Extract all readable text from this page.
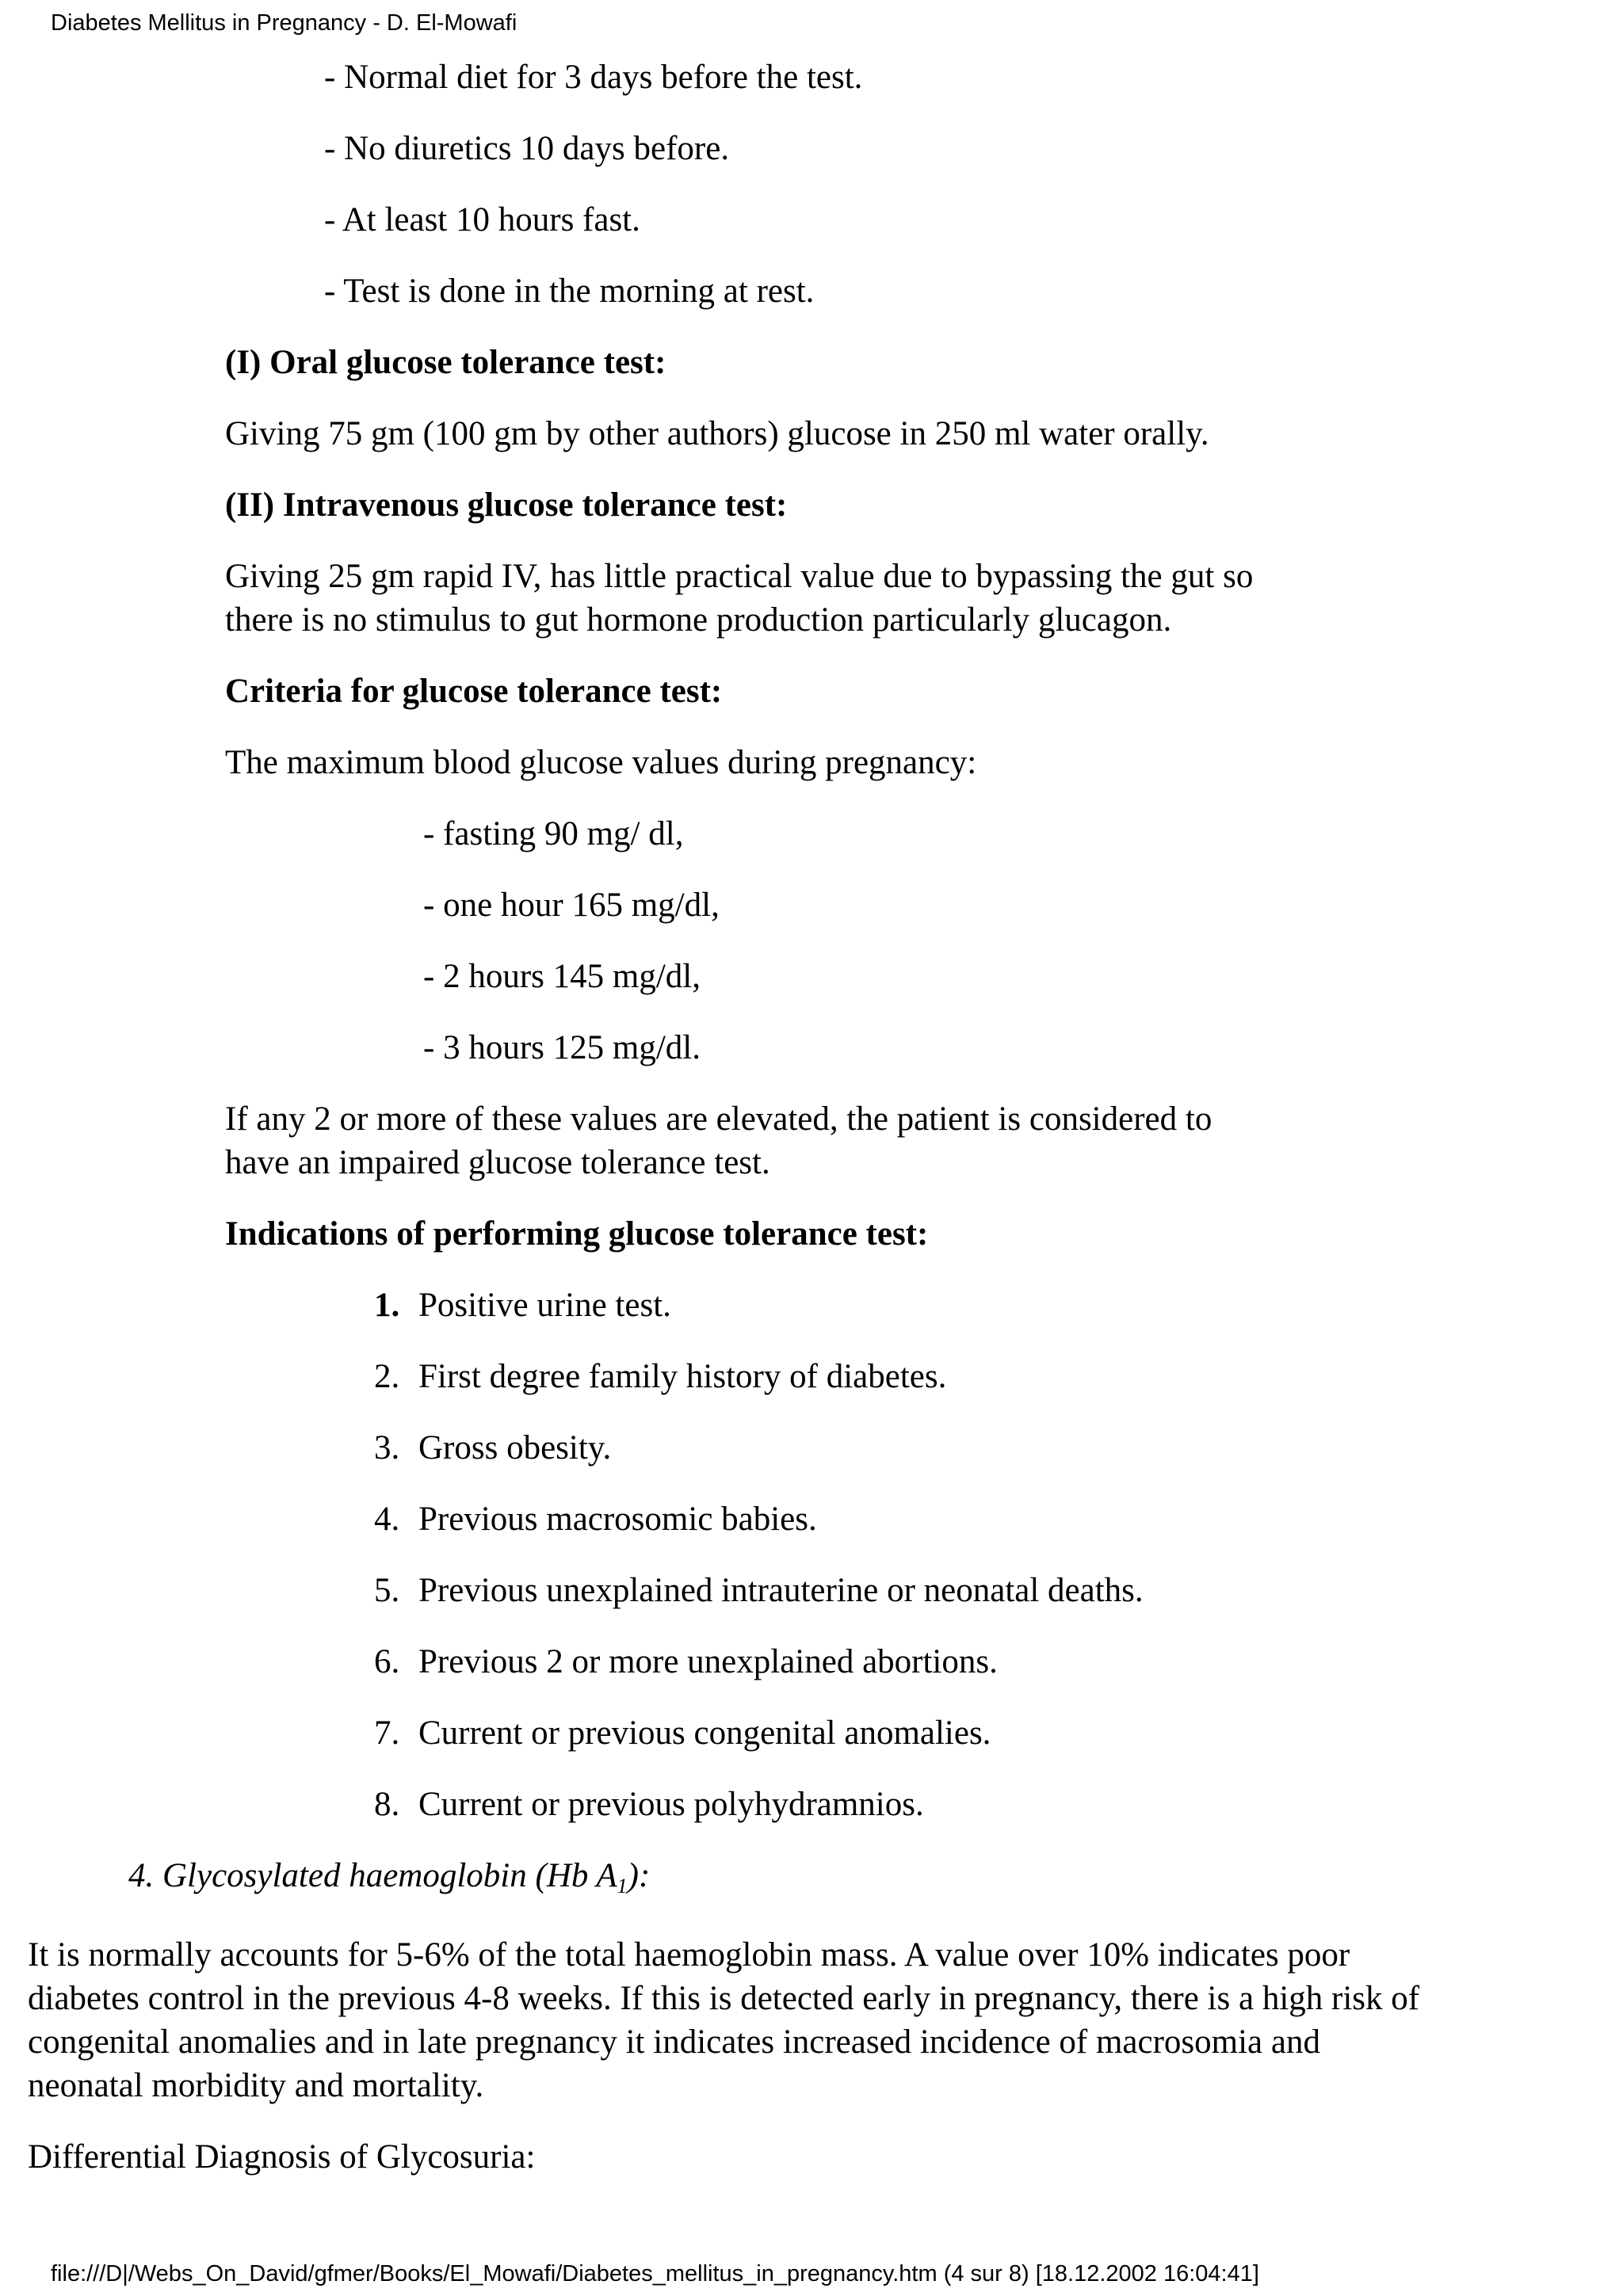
Diabetes Mellitus in Pregnancy - D. El-Mowafi
- Normal diet for 3 days before the test.
- No diuretics 10 days before.
- At least 10 hours fast.
- Test is done in the morning at rest.
(I) Oral glucose tolerance test:
Giving 75 gm (100 gm by other authors) glucose in 250 ml water orally.
(II) Intravenous glucose tolerance test:
Giving 25 gm rapid IV, has little practical value due to bypassing the gut so
there is no stimulus to gut hormone production particularly glucagon.
Criteria for glucose tolerance test:
The maximum blood glucose values during pregnancy:
- fasting 90 mg/ dl,
- one hour 165 mg/dl,
- 2 hours 145 mg/dl,
- 3 hours 125 mg/dl.
If any 2 or more of these values are elevated, the patient is considered to
have an impaired glucose tolerance test.
Indications of performing glucose tolerance test:
1. Positive urine test.
2. First degree family history of diabetes.
3. Gross obesity.
4. Previous macrosomic babies.
5. Previous unexplained intrauterine or neonatal deaths.
6. Previous 2 or more unexplained abortions.
7. Current or previous congenital anomalies.
8. Current or previous polyhydramnios.
4. Glycosylated haemoglobin (Hb $A_1$):
It is normally accounts for 5-6% of the total haemoglobin mass. A value over 10% indicates poor
diabetes control in the previous 4-8 weeks. If this is detected early in pregnancy, there is a high risk of
congenital anomalies and in late pregnancy it indicates increased incidence of macrosomia and
neonatal morbidity and mortality.
Differential Diagnosis of Glycosuria:
file:///D|/Webs_On_David/gfmer/Books/El_Mowafi/Diabetes_mellitus_in_pregnancy.htm (4 sur 8) [18.12.2002 16:04:41]
